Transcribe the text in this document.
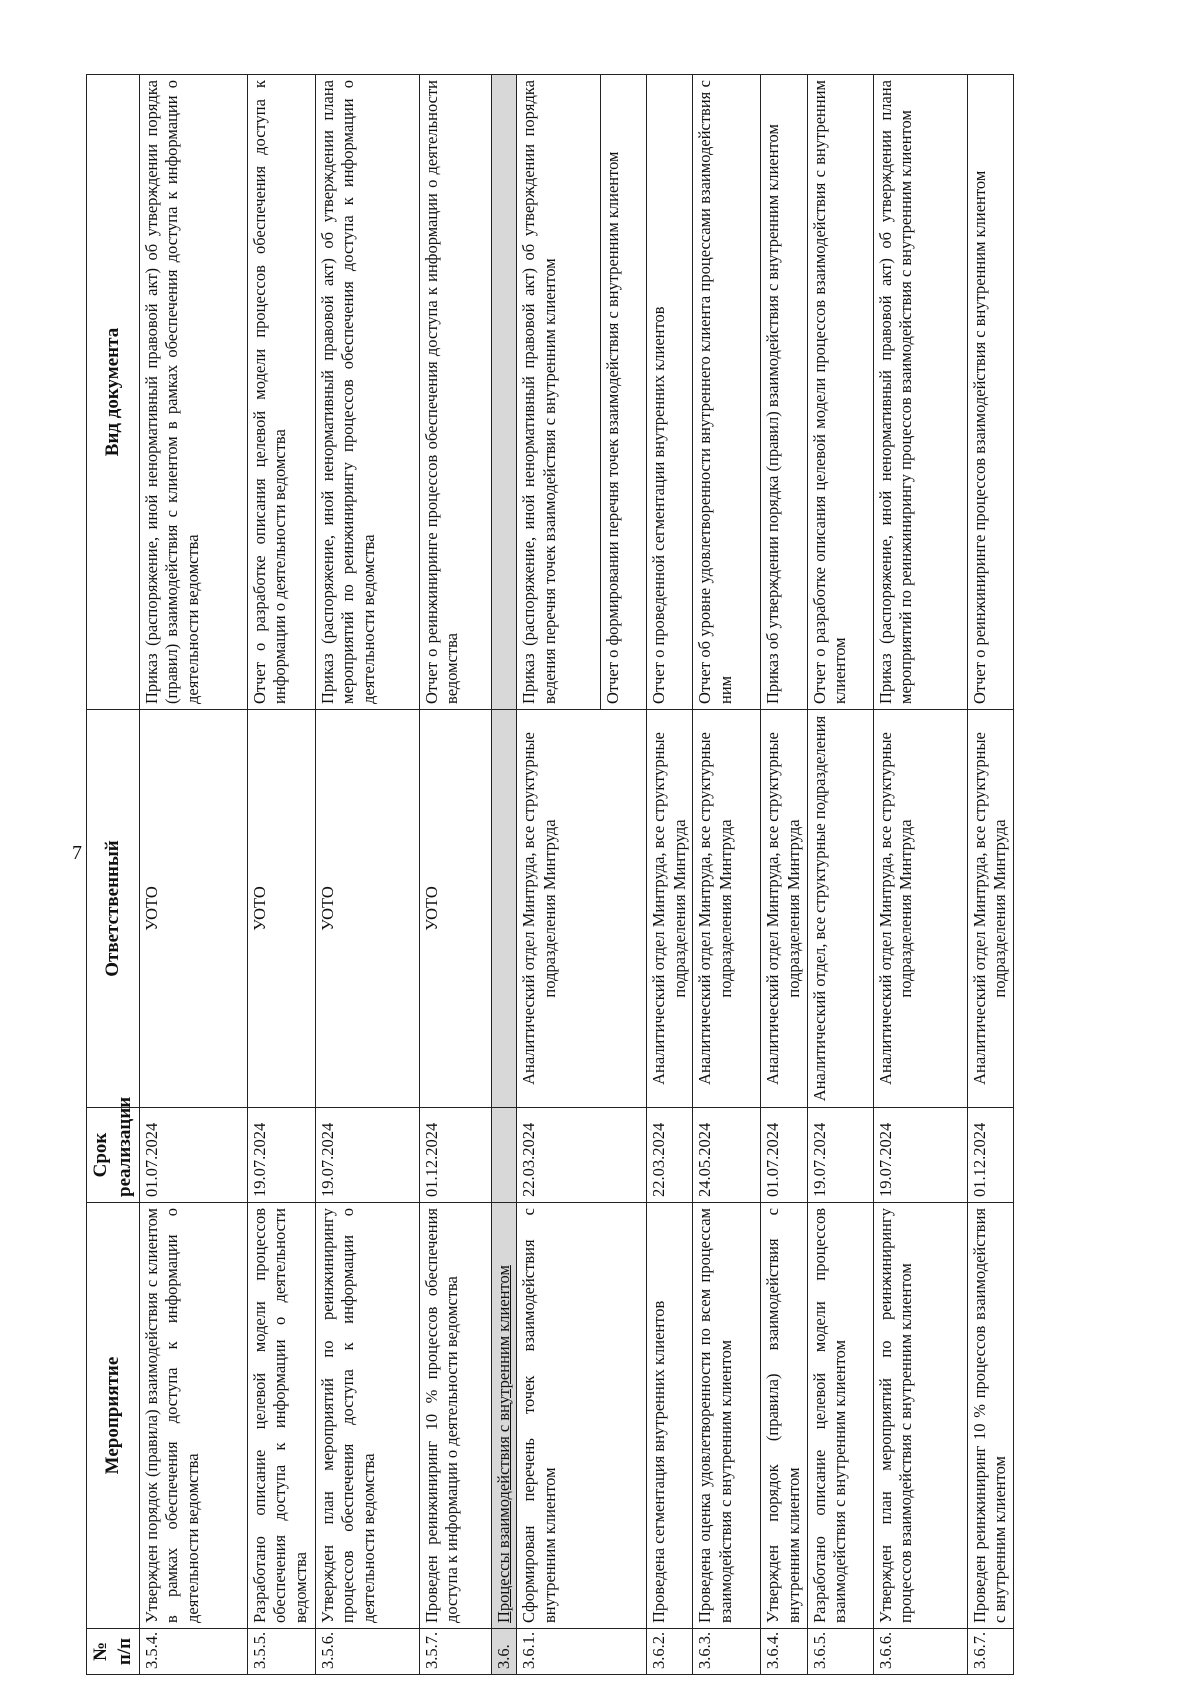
7
№ п/п	Мероприятие	Срок реализации	Ответственный	Вид документа
3.5.4.	Утвержден порядок (правила) взаимодействия с клиентом в рамках обеспечения доступа к информации о деятельности ведомства	01.07.2024	УОТО	Приказ (распоряжение, иной ненормативный правовой акт) об утверждении порядка (правил) взаимодействия с клиентом в рамках обеспечения доступа к информации о деятельности ведомства
3.5.5.	Разработано описание целевой модели процессов обеспечения доступа к информации о деятельности ведомства	19.07.2024	УОТО	Отчет о разработке описания целевой модели процессов обеспечения доступа к информации о деятельности ведомства
3.5.6.	Утвержден план мероприятий по реинжинирингу процессов обеспечения доступа к информации о деятельности ведомства	19.07.2024	УОТО	Приказ (распоряжение, иной ненормативный правовой акт) об утверждении плана мероприятий по реинжинирингу процессов обеспечения доступа к информации о деятельности ведомства
3.5.7.	Проведен реинжиниринг 10 % процессов обеспечения доступа к информации о деятельности ведомства	01.12.2024	УОТО	Отчет о реинжиниринге процессов обеспечения доступа к информации о деятельности ведомства
3.6.	Процессы взаимодействия с внутренним клиентом			
3.6.1.	Сформирован перечень точек взаимодействия с внутренним клиентом	22.03.2024	Аналитический отдел Минтруда, все структурные подразделения Минтруда	Приказ (распоряжение, иной ненормативный правовой акт) об утверждении порядка ведения перечня точек взаимодействия с внутренним клиентом
				Отчет о формировании перечня точек взаимодействия с внутренним клиентом
3.6.2.	Проведена сегментация внутренних клиентов	22.03.2024	Аналитический отдел Минтруда, все структурные подразделения Минтруда	Отчет о проведенной сегментации внутренних клиентов
3.6.3.	Проведена оценка удовлетворенности по всем процессам взаимодействия с внутренним клиентом	24.05.2024	Аналитический отдел Минтруда, все структурные подразделения Минтруда	Отчет об уровне удовлетворенности внутреннего клиента процессами взаимодействия с ним
3.6.4.	Утвержден порядок (правила) взаимодействия с внутренним клиентом	01.07.2024	Аналитический отдел Минтруда, все структурные подразделения Минтруда	Приказ об утверждении порядка (правил) взаимодействия с внутренним клиентом
3.6.5.	Разработано описание целевой модели процессов взаимодействия с внутренним клиентом	19.07.2024	Аналитический отдел, все структурные подразделения	Отчет о разработке описания целевой модели процессов взаимодействия с внутренним клиентом
3.6.6.	Утвержден план мероприятий по реинжинирингу процессов взаимодействия с внутренним клиентом	19.07.2024	Аналитический отдел Минтруда, все структурные подразделения Минтруда	Приказ (распоряжение, иной ненормативный правовой акт) об утверждении плана мероприятий по реинжинирингу процессов взаимодействия с внутренним клиентом
3.6.7.	Проведен реинжиниринг 10 % процессов взаимодействия с внутренним клиентом	01.12.2024	Аналитический отдел Минтруда, все структурные подразделения Минтруда	Отчет о реинжиниринге процессов взаимодействия с внутренним клиентом
